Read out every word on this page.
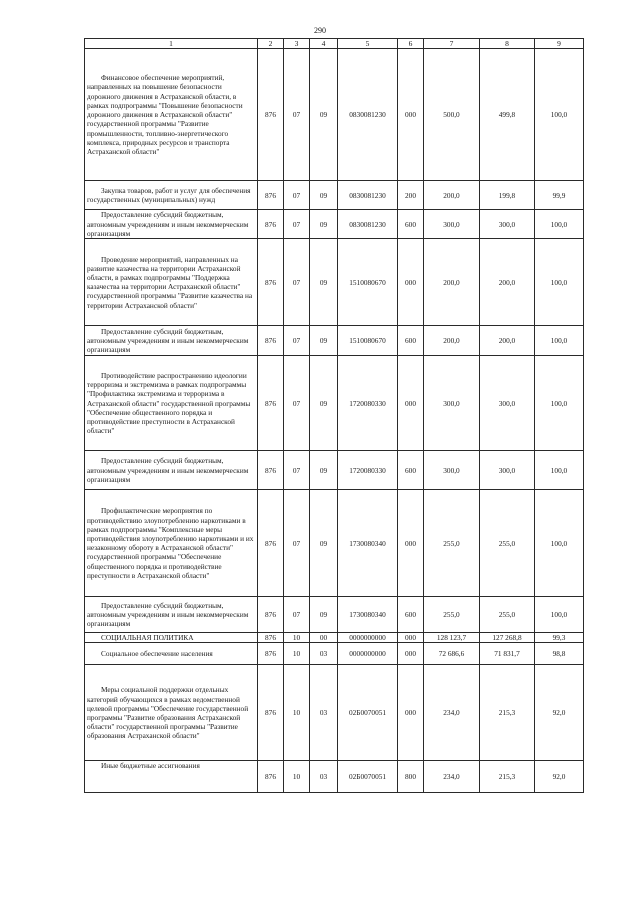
290
1	2	3	4	5	6	7	8	9

Финансовое обеспечение мероприятий, направленных на повышение безопасности дорожного движения в Астраханской области, в рамках подпрограммы "Повышение безопасности дорожного движения в Астраханской области" государственной программы "Развитие промышленности, топливно-энергетического комплекса, природных ресурсов и транспорта Астраханской области"	876	07	09	0830081230	000	500,0	499,8	100,0

Закупка товаров, работ и услуг для обеспечения государственных (муниципальных) нужд	876	07	09	0830081230	200	200,0	199,8	99,9

Предоставление субсидий бюджетным, автономным учреждениям и иным некоммерческим организациям	876	07	09	0830081230	600	300,0	300,0	100,0

Проведение мероприятий, направленных на развитие казачества на территории Астраханской области, в рамках подпрограммы "Поддержка казачества на территории Астраханской области" государственной программы "Развитие казачества на территории Астраханской области"	876	07	09	1510080670	000	200,0	200,0	100,0

Предоставление субсидий бюджетным, автономным учреждениям и иным некоммерческим организациям	876	07	09	1510080670	600	200,0	200,0	100,0

Противодействие распространению идеологии терроризма и экстремизма в рамках подпрограммы "Профилактика экстремизма и терроризма в Астраханской области" государственной программы "Обеспечение общественного порядка и противодействие преступности в Астраханской области"	876	07	09	1720080330	000	300,0	300,0	100,0

Предоставление субсидий бюджетным, автономным учреждениям и иным некоммерческим организациям	876	07	09	1720080330	600	300,0	300,0	100,0

Профилактические мероприятия по противодействию злоупотреблению наркотиками в рамках подпрограммы "Комплексные меры противодействия злоупотреблению наркотиками и их незаконному обороту в Астраханской области" государственной программы "Обеспечение общественного порядка и противодействие преступности в Астраханской области"	876	07	09	1730080340	000	255,0	255,0	100,0

Предоставление субсидий бюджетным, автономным учреждениям и иным некоммерческим организациям	876	07	09	1730080340	600	255,0	255,0	100,0

СОЦИАЛЬНАЯ ПОЛИТИКА	876	10	00	0000000000	000	128 123,7	127 268,8	99,3

Социальное обеспечение населения	876	10	03	0000000000	000	72 686,6	71 831,7	98,8

Меры социальной поддержки отдельных категорий обучающихся в рамках ведомственной целевой программы "Обеспечение государственной программы "Развитие образования Астраханской области" государственной программы "Развитие образования Астраханской области"	876	10	03	02Б0070051	000	234,0	215,3	92,0

Иные бюджетные ассигнования	876	10	03	02Б0070051	800	234,0	215,3	92,0
